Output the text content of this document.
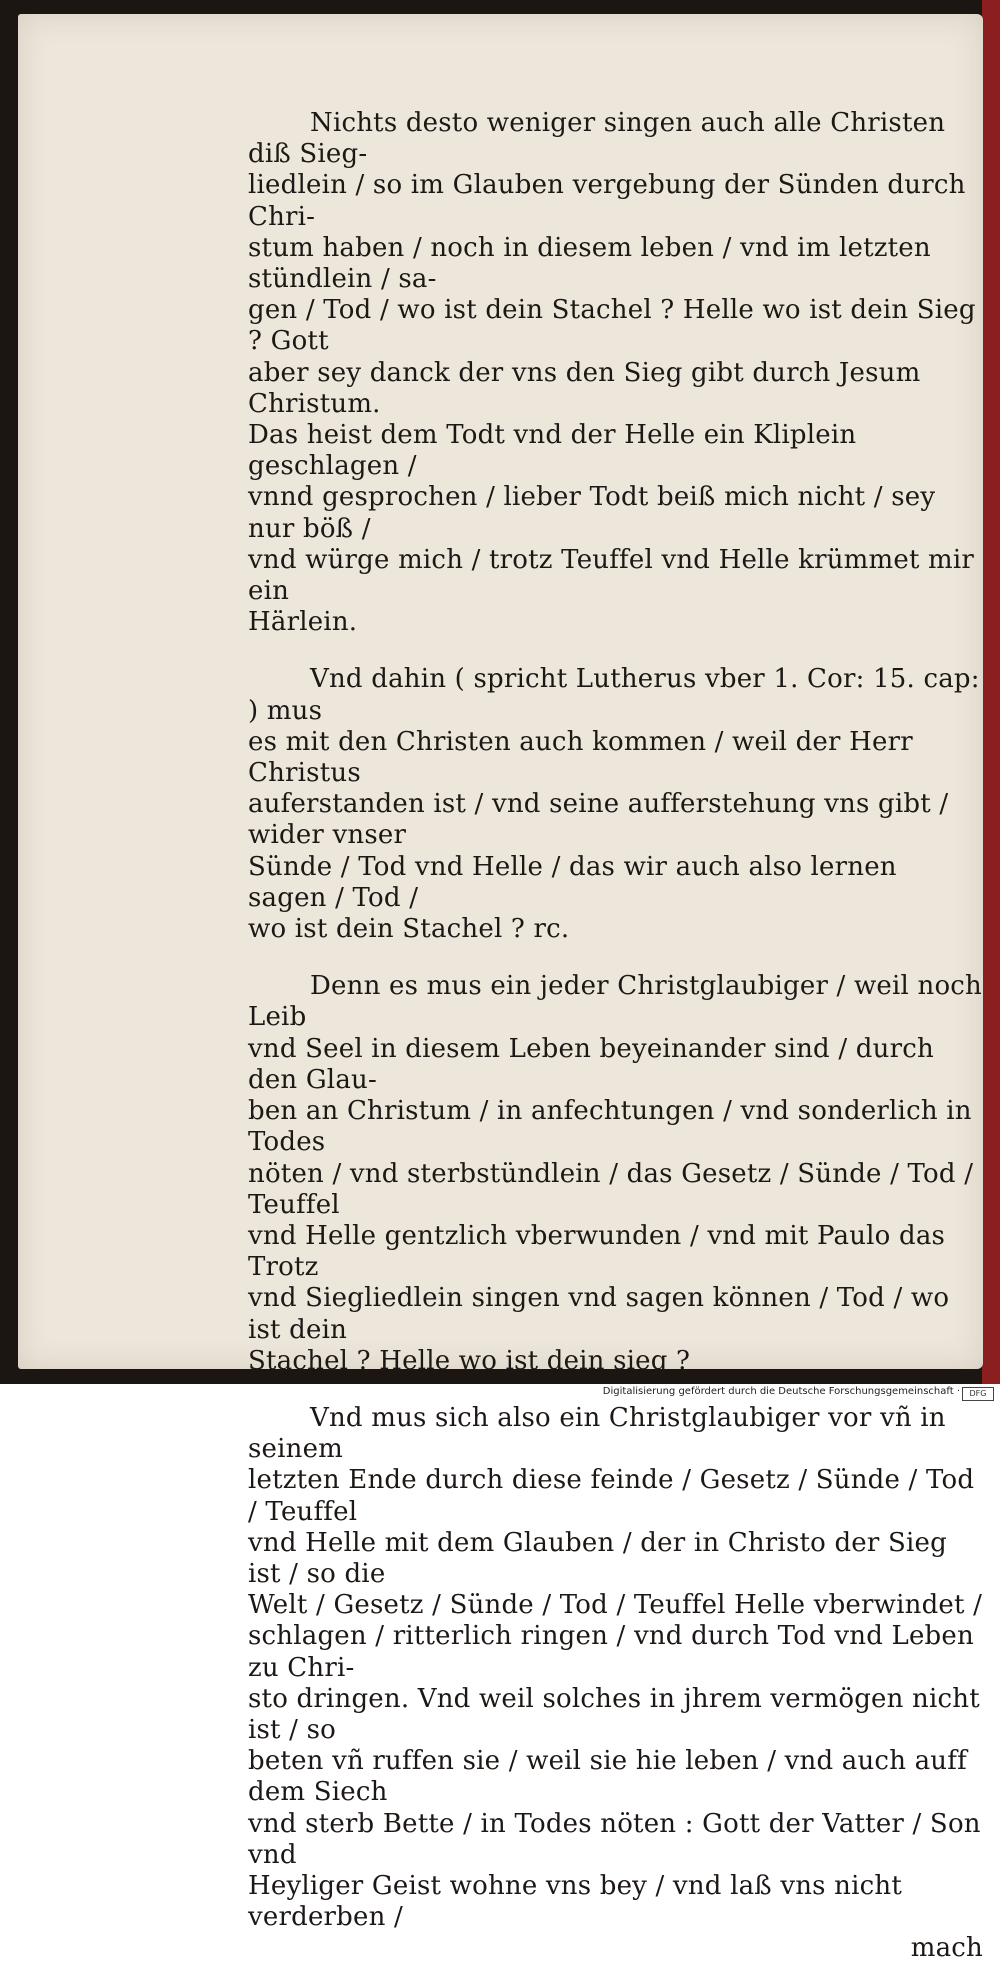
Nichts desto weniger singen auch alle Christen diß Sieg-
liedlein / so im Glauben vergebung der Sünden durch Chri-
stum haben / noch in diesem leben / vnd im letzten stündlein / sa-
gen / Tod / wo ist dein Stachel ? Helle wo ist dein Sieg ? Gott
aber sey danck der vns den Sieg gibt durch Jesum Christum.
Das heist dem Todt vnd der Helle ein Kliplein geschlagen /
vnnd gesprochen / lieber Todt beiß mich nicht / sey nur böß /
vnd würge mich / trotz Teuffel vnd Helle krümmet mir ein
Härlein.

Vnd dahin ( spricht Lutherus vber 1. Cor: 15. cap: ) mus
es mit den Christen auch kommen / weil der Herr Christus
auferstanden ist / vnd seine aufferstehung vns gibt / wider vnser
Sünde / Tod vnd Helle / das wir auch also lernen sagen / Tod /
wo ist dein Stachel ? rc.

Denn es mus ein jeder Christglaubiger / weil noch Leib
vnd Seel in diesem Leben beyeinander sind / durch den Glau-
ben an Christum / in anfechtungen / vnd sonderlich in Todes
nöten / vnd sterbstündlein / das Gesetz / Sünde / Tod / Teuffel
vnd Helle gentzlich vberwunden / vnd mit Paulo das Trotz
vnd Siegliedlein singen vnd sagen können / Tod / wo ist dein
Stachel ? Helle wo ist dein sieg ?

Vnd mus sich also ein Christglaubiger vor vñ in seinem
letzten Ende durch diese feinde / Gesetz / Sünde / Tod / Teuffel
vnd Helle mit dem Glauben / der in Christo der Sieg ist / so die
Welt / Gesetz / Sünde / Tod / Teuffel Helle vberwindet /
schlagen / ritterlich ringen / vnd durch Tod vnd Leben zu Chri-
sto dringen. Vnd weil solches in jhrem vermögen nicht ist / so
beten vñ ruffen sie / weil sie hie leben / vnd auch auff dem Siech
vnd sterb Bette / in Todes nöten : Gott der Vatter / Son vnd
Heyliger Geist wohne vns bey / vnd laß vns nicht verderben /

mach

Digitalisierung gefördert durch die Deutsche Forschungsgemeinschaft ·	DFG
